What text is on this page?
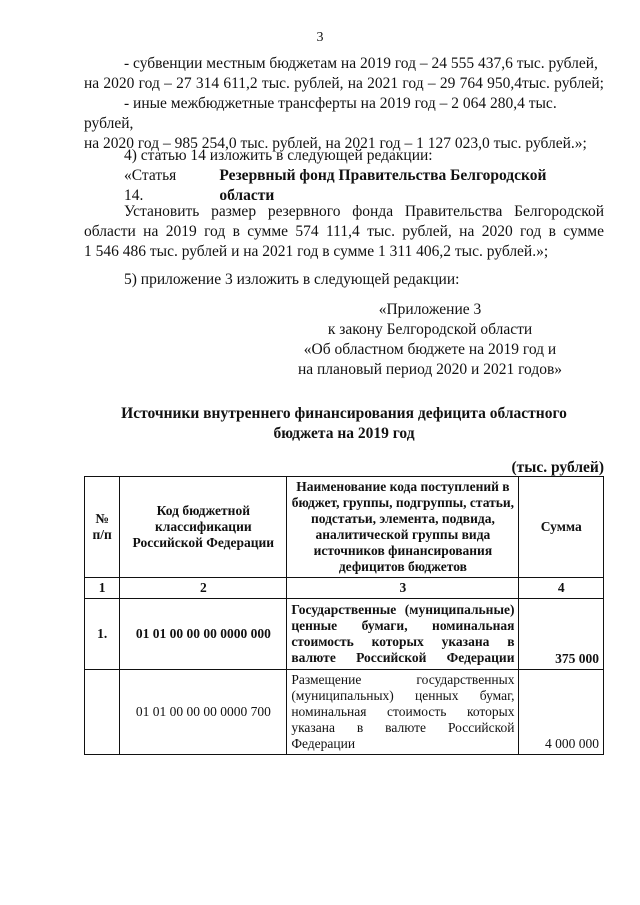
3

- субвенции местным бюджетам на 2019 год – 24 555 437,6 тыс. рублей,

на 2020 год – 27 314 611,2 тыс. рублей, на 2021 год – 29 764 950,4тыс. рублей;

- иные межбюджетные трансферты на 2019 год – 2 064 280,4 тыс. рублей,

на 2020 год – 985 254,0 тыс. рублей, на 2021 год – 1 127 023,0 тыс. рублей.»;

4) статью 14 изложить в следующей редакции:

«Статья 14.
Резервный фонд Правительства Белгородской области

Установить размер резервного фонда Правительства Белгородской

области на 2019 год в сумме 574 111,4 тыс. рублей, на 2020 год в сумме

1 546 486 тыс. рублей и на 2021 год в сумме 1 311 406,2 тыс. рублей.»;

5) приложение 3 изложить в следующей редакции:

«Приложение 3
к закону Белгородской области
«Об областном бюджете на 2019 год и
на плановый период 2020 и 2021 годов»
Источники внутреннего финансирования дефицита областного
бюджета на 2019 год
(тыс. рублей)
№ п/п	Код бюджетной классификации Российской Федерации	Наименование кода поступлений в бюджет, группы, подгруппы, статьи, подстатьи, элемента, подвида, аналитической группы вида источников финансирования дефицитов бюджетов	Сумма
1	2	3	4
1.	01 01 00 00 00 0000 000	Государственные (муниципальные) ценные бумаги, номинальная стоимость которых указана в валюте Российской Федерации	375 000
	01 01 00 00 00 0000 700	Размещение государственных (муниципальных) ценных бумаг, номинальная стоимость которых указана в валюте Российской Федерации	4 000 000
